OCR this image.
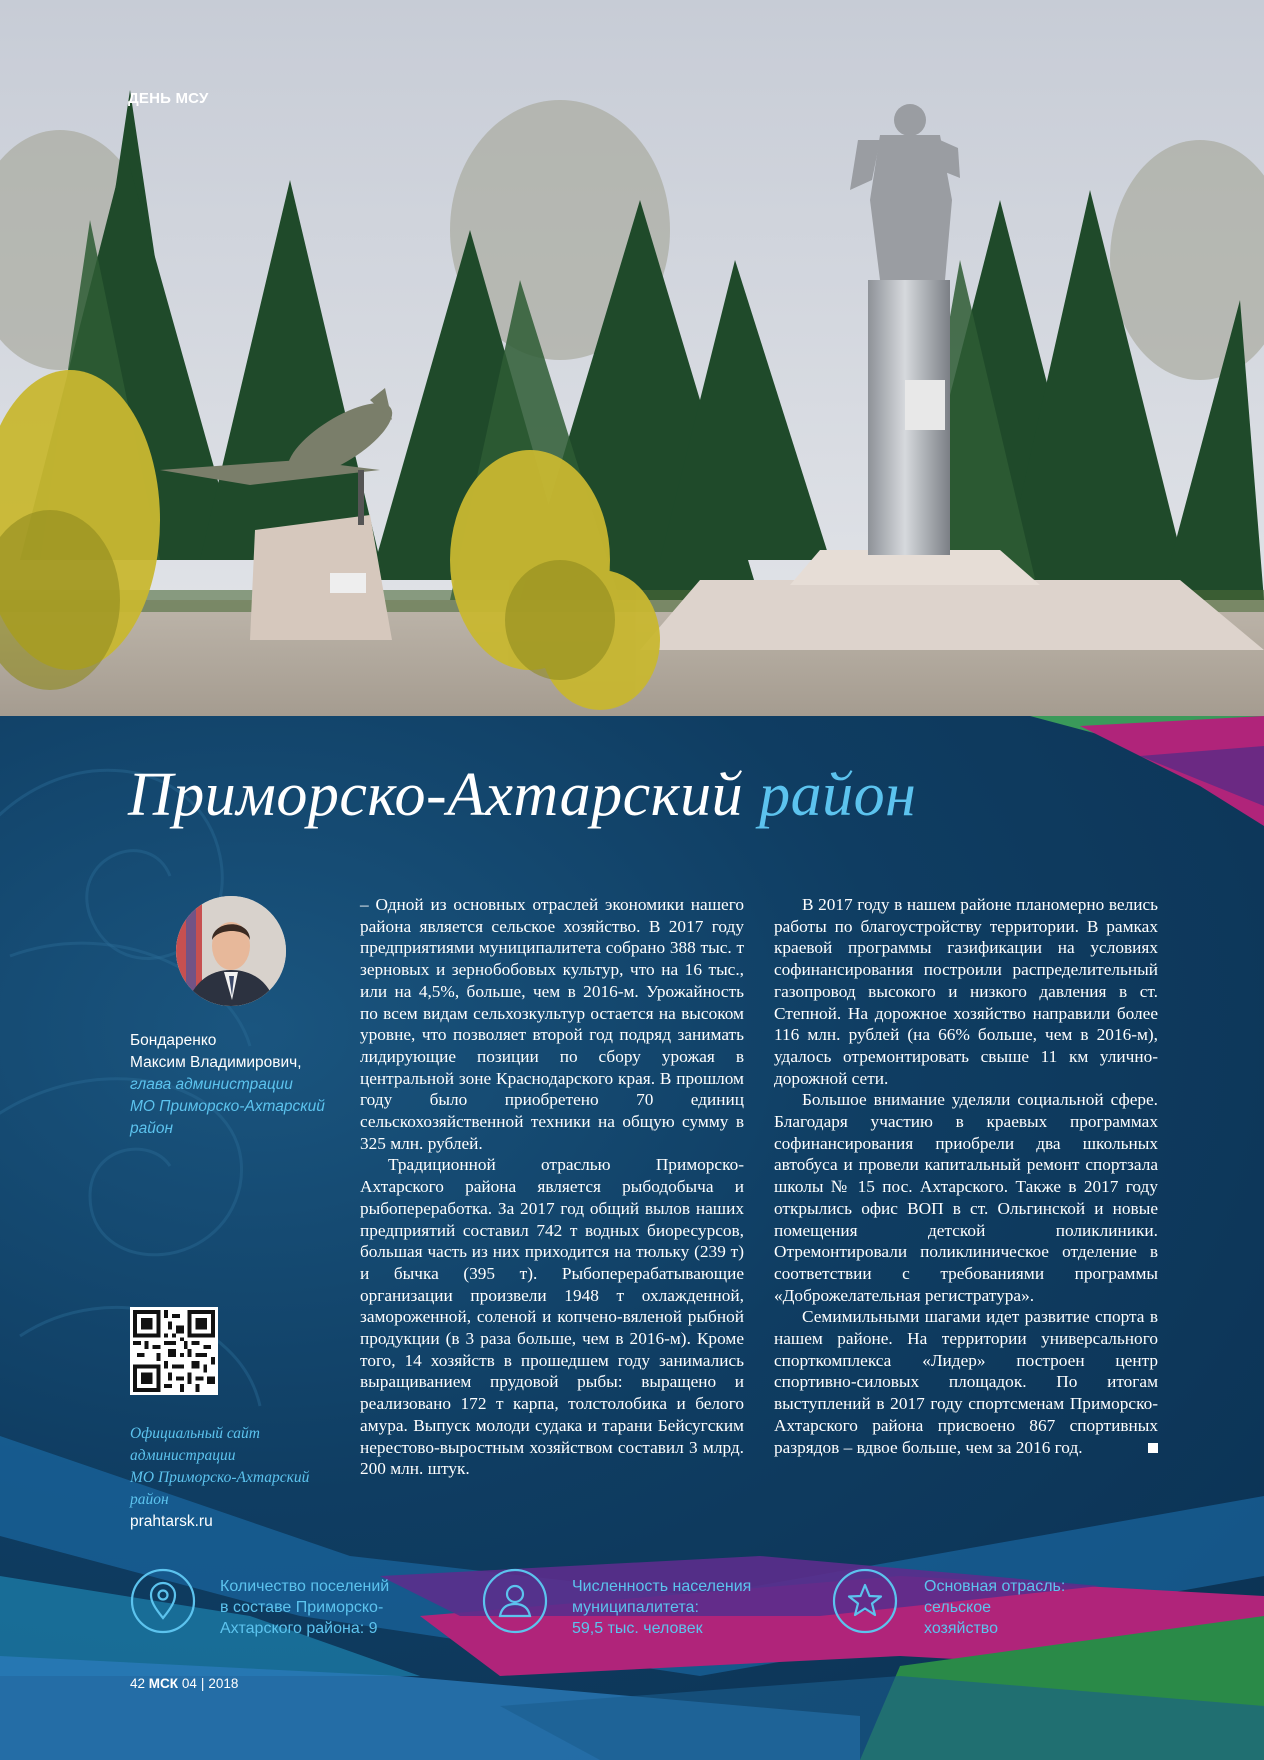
ДЕНЬ МСУ
Приморско-Ахтарский район
Бондаренко
Максим Владимирович,
глава администрации
МО Приморско-Ахтарский
район
Официальный сайт
администрации
МО Приморско-Ахтарский
район
prahtarsk.ru

– Одной из основных отраслей экономики нашего района является сельское хозяйство. В 2017 году предприятиями муниципалитета собрано 388 тыс. т зерновых и зернобобовых культур, что на 16 тыс., или на 4,5%, больше, чем в 2016-м. Урожайность по всем видам сельхозкультур остается на высоком уровне, что позволяет второй год подряд занимать лидирующие позиции по сбору урожая в центральной зоне Краснодарского края. В прошлом году было приобретено 70 единиц сельскохозяйственной техники на общую сумму в 325 млн. рублей.

Традиционной отраслью Приморско-Ахтарского района является рыбодобыча и рыбопереработка. За 2017 год общий вылов наших предприятий составил 742 т водных биоресурсов, большая часть из них приходится на тюльку (239 т) и бычка (395 т). Рыбоперерабатывающие организации произвели 1948 т охлажденной, замороженной, соленой и копчено-вяленой рыбной продукции (в 3 раза больше, чем в 2016-м). Кроме того, 14 хозяйств в прошедшем году занимались выращиванием прудовой рыбы: выращено и реализовано 172 т карпа, толстолобика и белого амура. Выпуск молоди судака и тарани Бейсугским нерестово-выростным хозяйством составил 3 млрд. 200 млн. штук.

В 2017 году в нашем районе планомерно велись работы по благоустройству территории. В рамках краевой программы газификации на условиях софинансирования построили распределительный газопровод высокого и низкого давления в ст. Степной. На дорожное хозяйство направили более 116 млн. рублей (на 66% больше, чем в 2016-м), удалось отремонтировать свыше 11 км улично-дорожной сети.

Большое внимание уделяли социальной сфере. Благодаря участию в краевых программах софинансирования приобрели два школьных автобуса и провели капитальный ремонт спортзала школы № 15 пос. Ахтарского. Также в 2017 году открылись офис ВОП в ст. Ольгинской и новые помещения детской поликлиники. Отремонтировали поликлиническое отделение в соответствии с требованиями программы «Доброжелательная регистратура».

Семимильными шагами идет развитие спорта в нашем районе. На территории универсального спорткомплекса «Лидер» построен центр спортивно-силовых площадок. По итогам выступлений в 2017 году спортсменам Приморско-Ахтарского района присвоено 867 спортивных разрядов – вдвое больше, чем за 2016 год.

Количество поселений
в составе Приморско-
Ахтарского района: 9
Численность населения
муниципалитета:
59,5 тыс. человек
Основная отрасль:
сельское
хозяйство
42 МСК 04 | 2018
